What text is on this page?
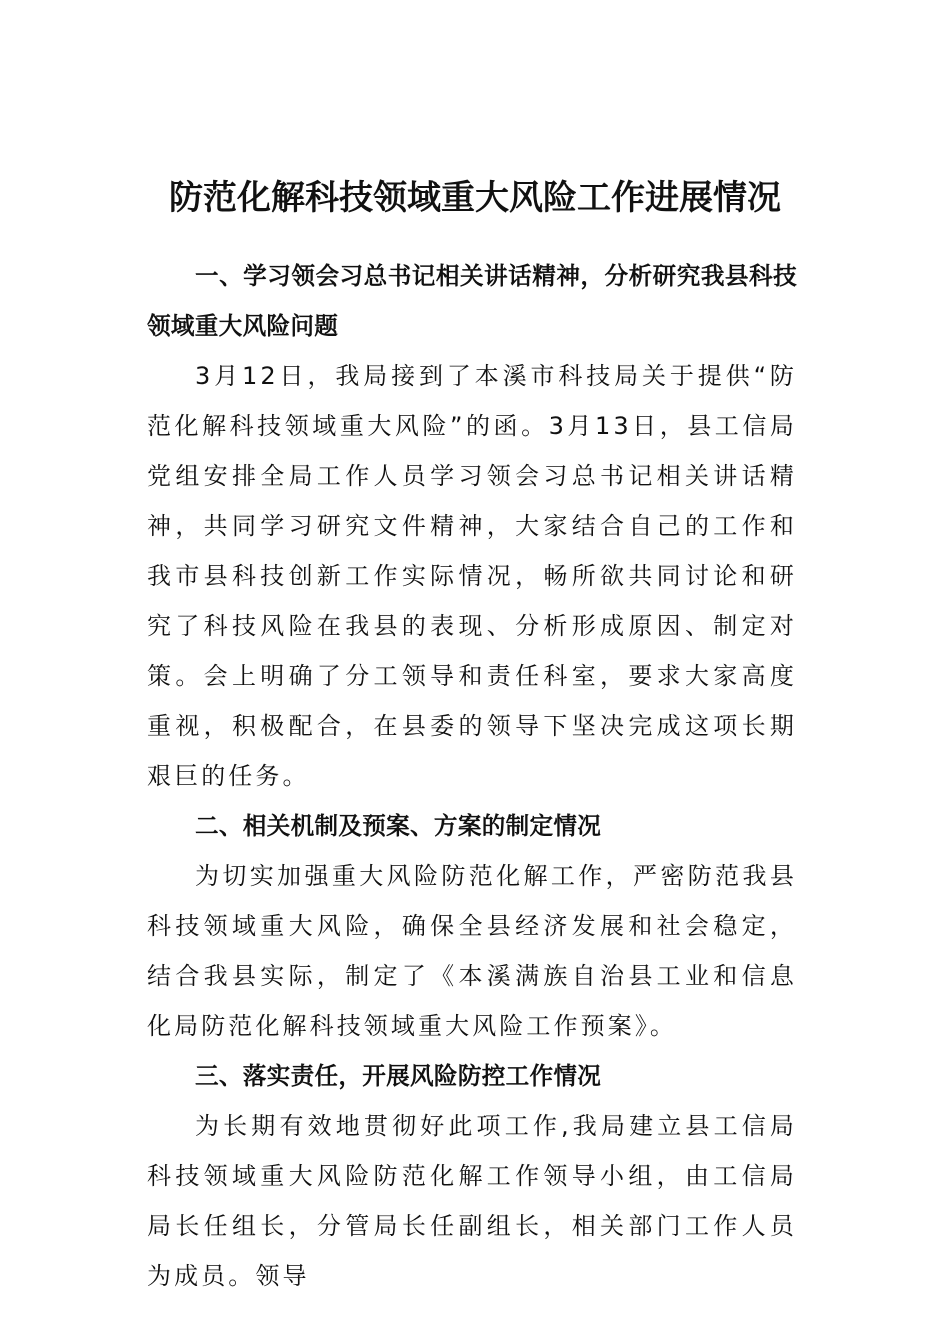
防范化解科技领域重大风险工作进展情况

一、学习领会习总书记相关讲话精神，分析研究我县科技领域重大风险问题

3月12日，我局接到了本溪市科技局关于提供“防范化解科技领域重大风险”的函。3月13日，县工信局党组安排全局工作人员学习领会习总书记相关讲话精神，共同学习研究文件精神，大家结合自己的工作和我市县科技创新工作实际情况，畅所欲共同讨论和研究了科技风险在我县的表现、分析形成原因、制定对策。会上明确了分工领导和责任科室，要求大家高度重视，积极配合，在县委的领导下坚决完成这项长期艰巨的任务。

二、相关机制及预案、方案的制定情况

为切实加强重大风险防范化解工作，严密防范我县科技领域重大风险，确保全县经济发展和社会稳定，结合我县实际，制定了《本溪满族自治县工业和信息化局防范化解科技领域重大风险工作预案》。

三、落实责任，开展风险防控工作情况

为长期有效地贯彻好此项工作,我局建立县工信局科技领域重大风险防范化解工作领导小组，由工信局局长任组长，分管局长任副组长，相关部门工作人员为成员。领导
